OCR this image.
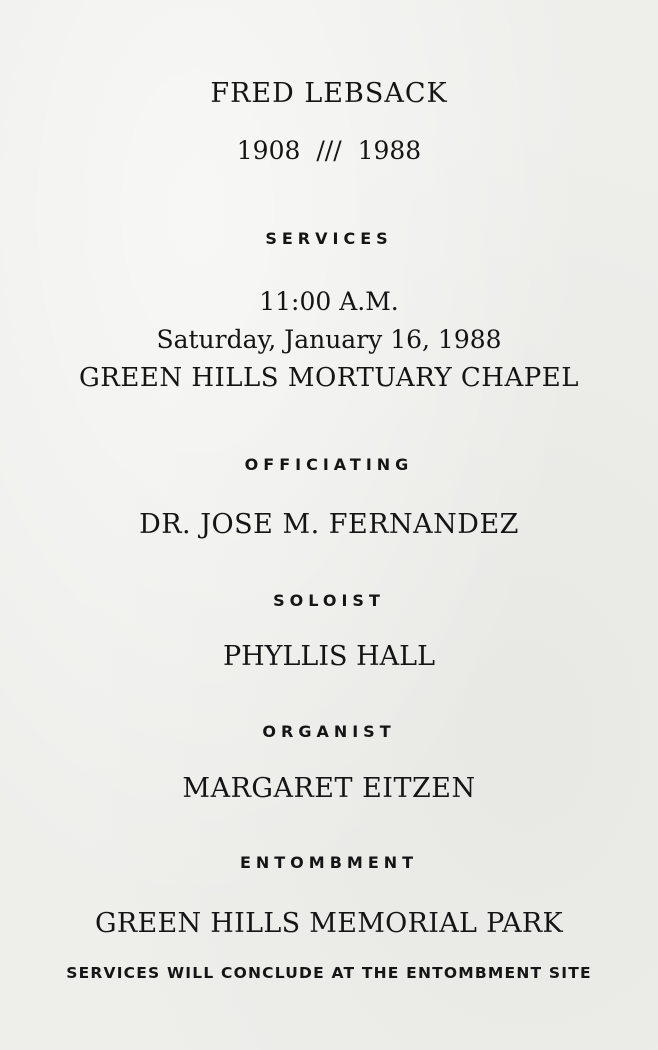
FRED LEBSACK
1908 /// 1988
SERVICES
11:00 A.M.
Saturday, January 16, 1988
GREEN HILLS MORTUARY CHAPEL
OFFICIATING
DR. JOSE M. FERNANDEZ
SOLOIST
PHYLLIS HALL
ORGANIST
MARGARET EITZEN
ENTOMBMENT
GREEN HILLS MEMORIAL PARK
SERVICES WILL CONCLUDE AT THE ENTOMBMENT SITE
